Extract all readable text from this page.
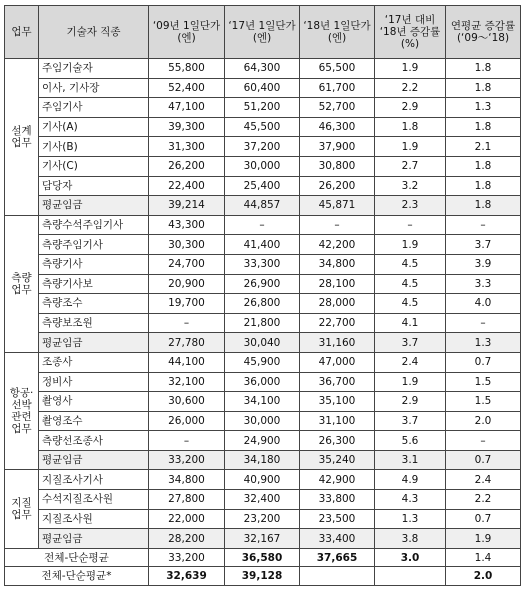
업무	기술자 직종	‘09년 1일단가(엔)	‘17년 1일단가(엔)	‘18년 1일단가(엔)	‘17년 대비 ‘18년 증감률(%)	연평균 증감률 (‘09～‘18)
설계 업무	주임기술자	55,800	64,300	65,500	1.9	1.8
	이사, 기사장	52,400	60,400	61,700	2.2	1.8
	주임기사	47,100	51,200	52,700	2.9	1.3
	기사(A)	39,300	45,500	46,300	1.8	1.8
	기사(B)	31,300	37,200	37,900	1.9	2.1
	기사(C)	26,200	30,000	30,800	2.7	1.8
	담당자	22,400	25,400	26,200	3.2	1.8
	평균임금	39,214	44,857	45,871	2.3	1.8
측량 업무	측량수석주임기사	43,300	–	–	–	–
	측량주임기사	30,300	41,400	42,200	1.9	3.7
	측량기사	24,700	33,300	34,800	4.5	3.9
	측량기사보	20,900	26,900	28,100	4.5	3.3
	측량조수	19,700	26,800	28,000	4.5	4.0
	측량보조원	–	21,800	22,700	4.1	–
	평균임금	27,780	30,040	31,160	3.7	1.3
항공· 선박 관련 업무	조종사	44,100	45,900	47,000	2.4	0.7
	정비사	32,100	36,000	36,700	1.9	1.5
	촬영사	30,600	34,100	35,100	2.9	1.5
	촬영조수	26,000	30,000	31,100	3.7	2.0
	측량선조종사	–	24,900	26,300	5.6	–
	평균임금	33,200	34,180	35,240	3.1	0.7
지질 업무	지질조사기사	34,800	40,900	42,900	4.9	2.4
	수석지질조사원	27,800	32,400	33,800	4.3	2.2
	지질조사원	22,000	23,200	23,500	1.3	0.7
	평균임금	28,200	32,167	33,400	3.8	1.9
전체-단순평균		33,200	36,580	37,665	3.0	1.4
전체-단순평균*		32,639	39,128			2.0
